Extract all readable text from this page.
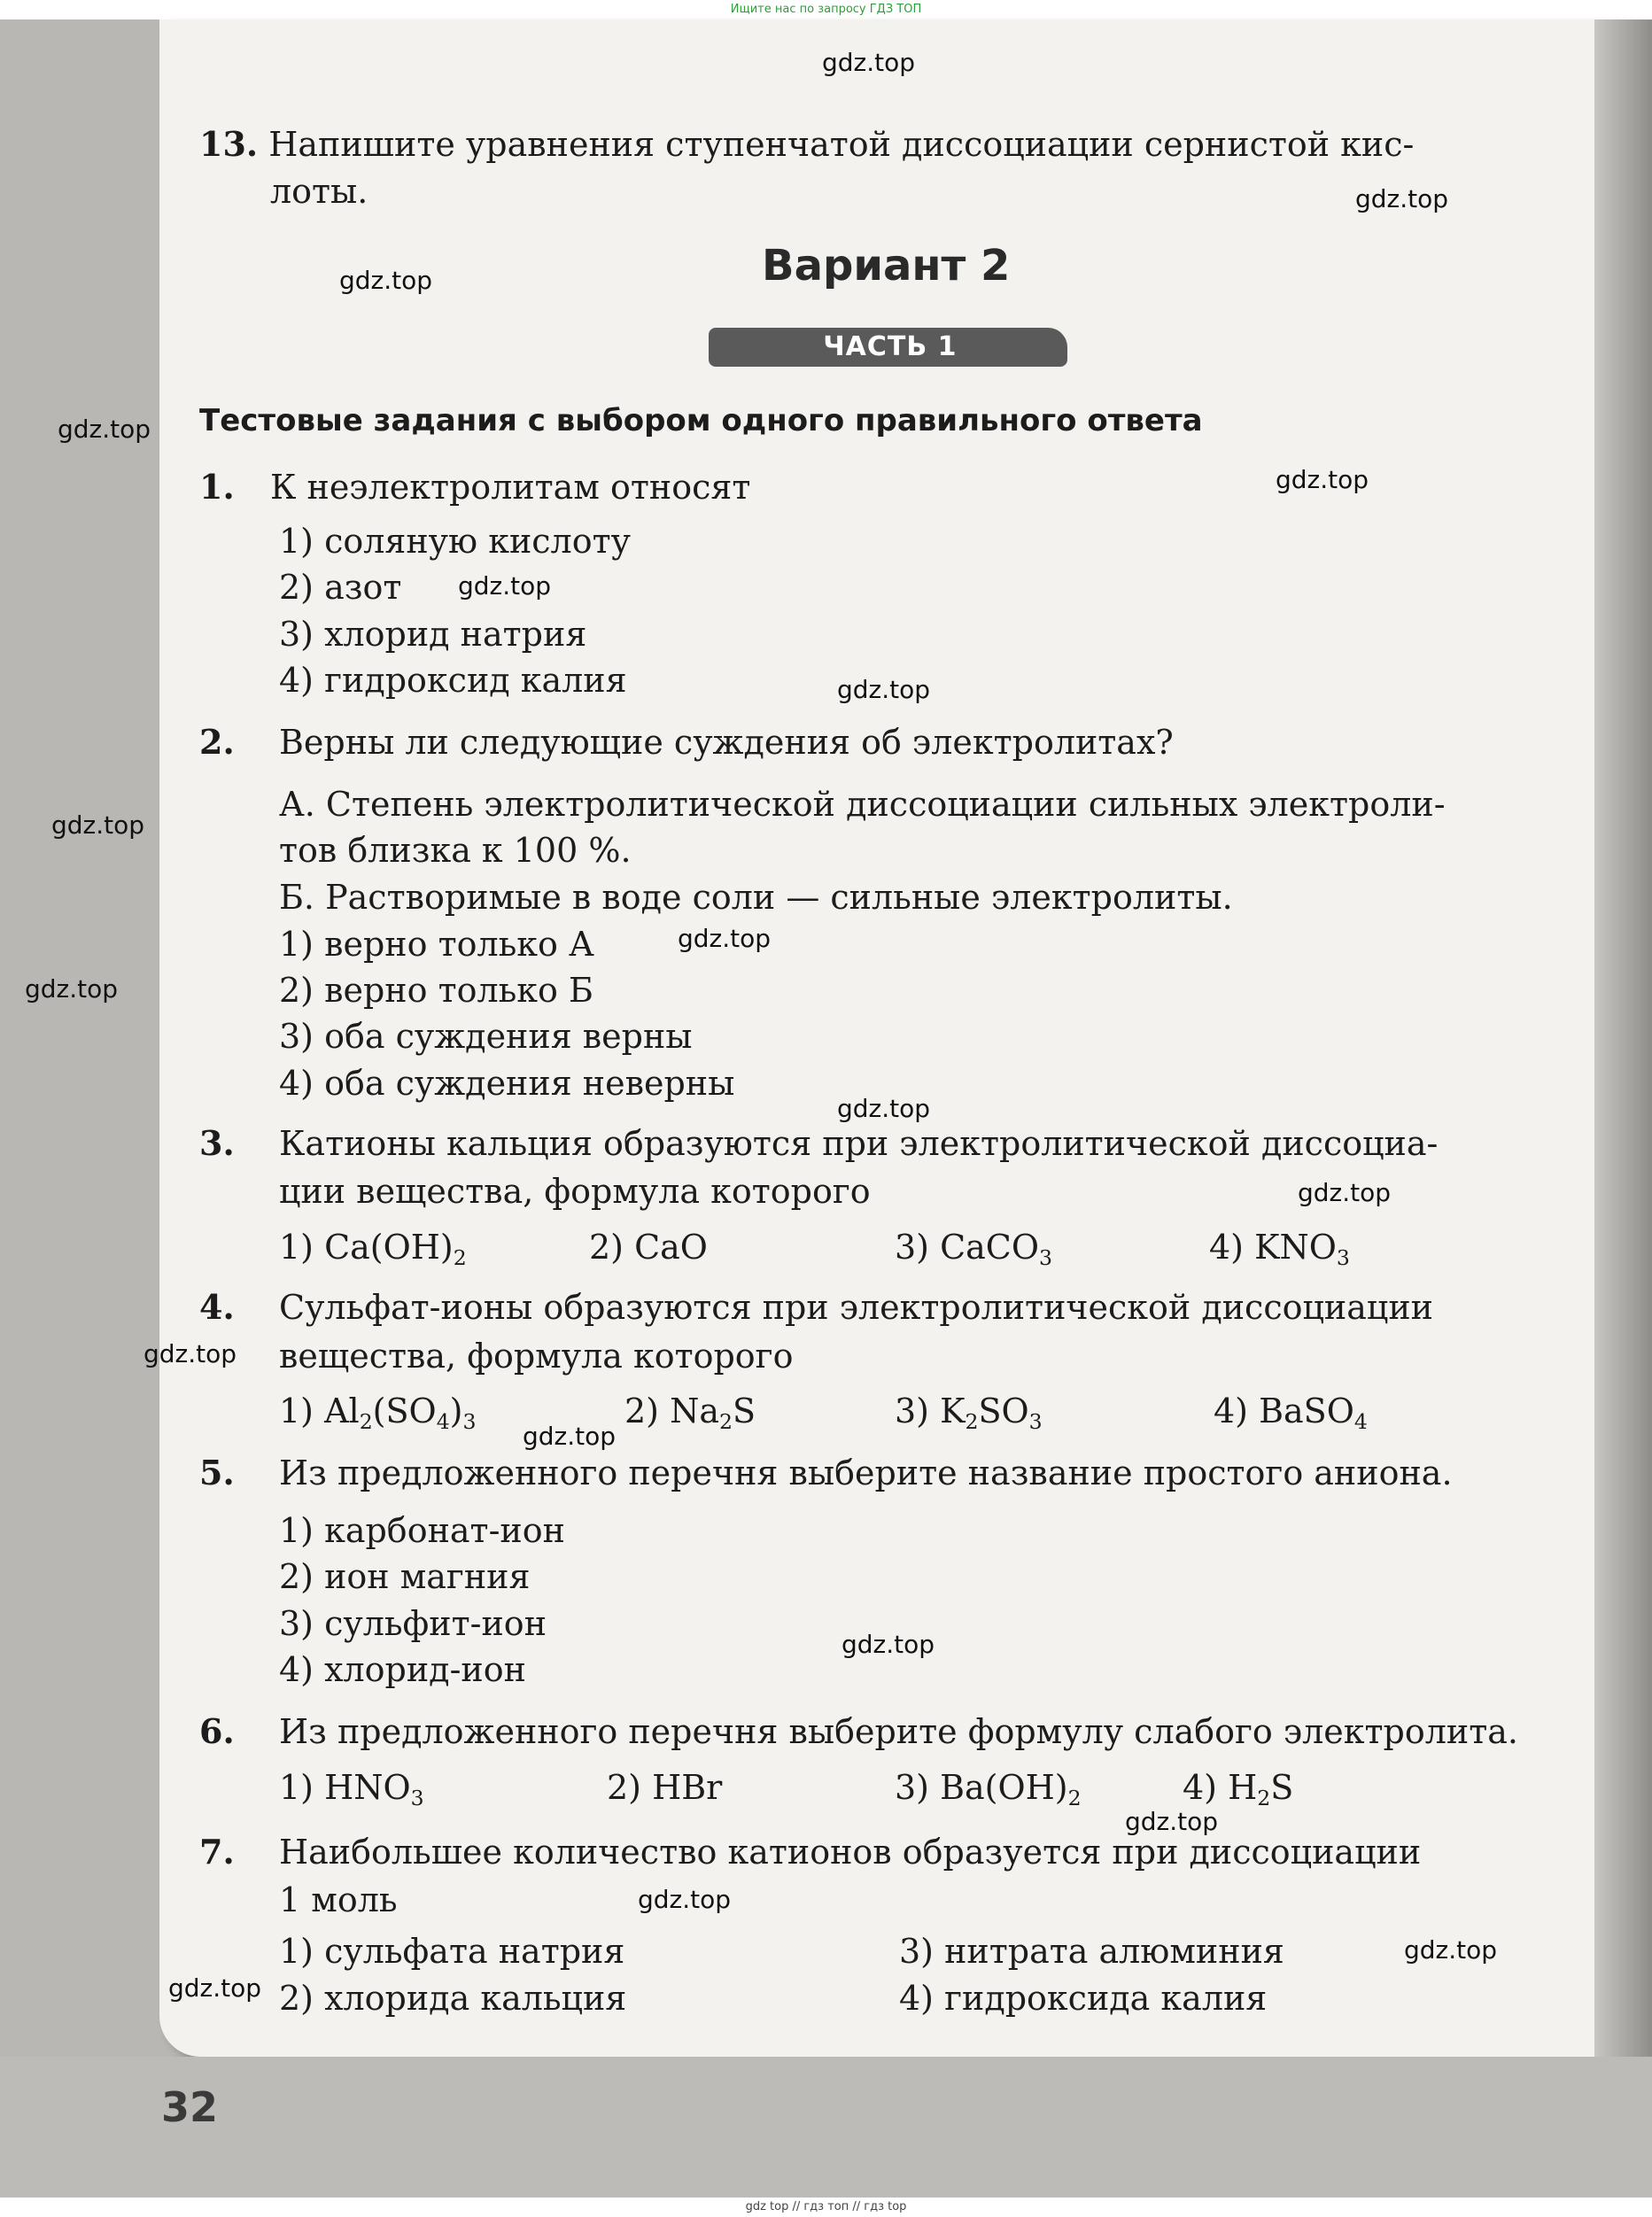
Ищите нас по запросу ГДЗ ТОП
32
gdz.top
gdz.top
gdz.top
gdz.top
gdz.top
gdz.top
gdz.top
gdz.top
gdz.top
gdz.top
gdz.top
gdz.top
gdz.top
gdz.top
gdz.top
gdz.top
gdz.top
gdz.top
gdz.top
13. Напишите уравнения ступенчатой диссоциации сернистой кис-
лоты.
Вариант 2
ЧАСТЬ 1
Тестовые задания с выбором одного правильного ответа
1. К неэлектролитам относят
1) соляную кислоту
2) азот
3) хлорид натрия
4) гидроксид калия
2. Верны ли следующие суждения об электролитах?
А. Степень электролитической диссоциации сильных электроли-
тов близка к 100 %.
Б. Растворимые в воде соли — сильные электролиты.
1) верно только А
2) верно только Б
3) оба суждения верны
4) оба суждения неверны
3. Катионы кальция образуются при электролитической диссоциа-
ции вещества, формула которого
1) $Ca(OH)_2$	2) CaO	3) CaCO$_3$	4) $KNO_3$
4. Сульфат-ионы образуются при электролитической диссоциации
вещества, формула которого
1) $Al_2(SO_4)_3$	2) $Na_2S$	3) $K_2SO_3$	4) BaSO$_4$
5. Из предложенного перечня выберите название простого аниона.
1) карбонат-ион
2) ион магния
3) сульфит-ион
4) хлорид-ион
6. Из предложенного перечня выберите формулу слабого электролита.
1) $HNO_3$	2) HBr	3) $Ba(OH)_2$	4) $H_2S$
7. Наибольшее количество катионов образуется при диссоциации
1 моль
1) сульфата натрия
2) хлорида кальция
3) нитрата алюминия
4) гидроксида калия
gdz top // гдз топ // гдз top
